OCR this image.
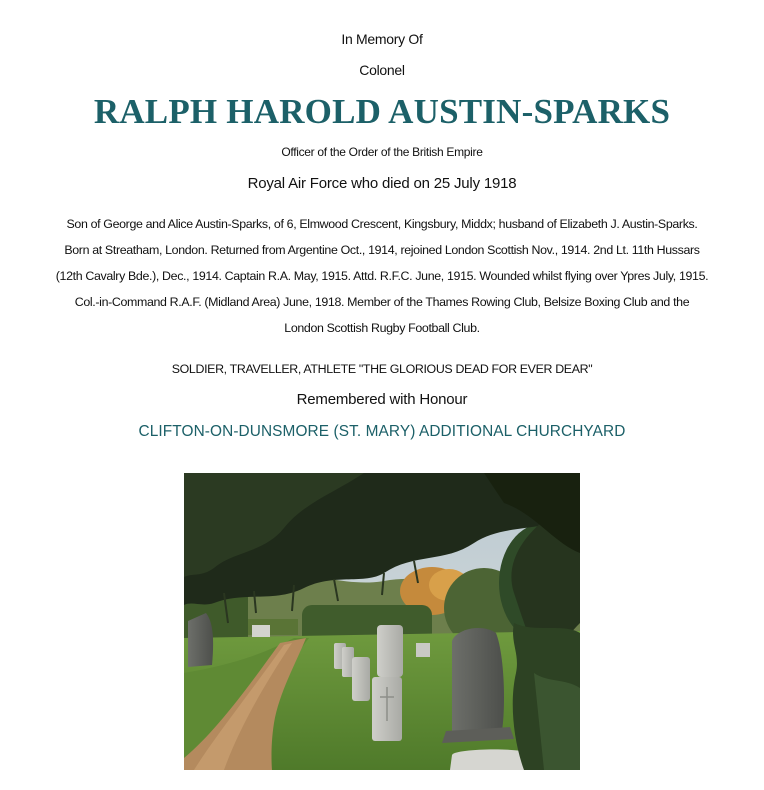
In Memory Of
Colonel
RALPH HAROLD AUSTIN-SPARKS
Officer of the Order of the British Empire
Royal Air Force who died on 25 July 1918
Son of George and Alice Austin-Sparks, of 6, Elmwood Crescent, Kingsbury, Middx; husband of Elizabeth J. Austin-Sparks.
Born at Streatham, London. Returned from Argentine Oct., 1914, rejoined London Scottish Nov., 1914. 2nd Lt. 11th Hussars
(12th Cavalry Bde.), Dec., 1914. Captain R.A. May, 1915. Attd. R.F.C. June, 1915. Wounded whilst flying over Ypres July, 1915.
Col.-in-Command R.A.F. (Midland Area) June, 1918. Member of the Thames Rowing Club, Belsize Boxing Club and the
London Scottish Rugby Football Club.
SOLDIER, TRAVELLER, ATHLETE "THE GLORIOUS DEAD FOR EVER DEAR"
Remembered with Honour
CLIFTON-ON-DUNSMORE (ST. MARY) ADDITIONAL CHURCHYARD
